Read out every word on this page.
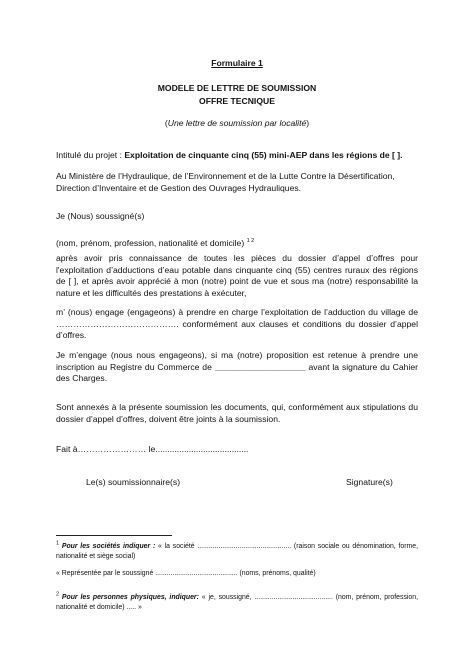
Formulaire 1
MODELE DE LETTRE DE SOUMISSION
OFFRE TECNIQUE
(Une lettre de soumission par localité)
Intitulé du projet : Exploitation de cinquante cinq (55) mini-AEP dans les régions de [ ].
Au Ministère de l’Hydraulique, de l’Environnement et de la Lutte Contre la Désertification,
Direction d’Inventaire et de Gestion des Ouvrages Hydrauliques.
Je (Nous) soussigné(s)
(nom, prénom, profession, nationalité et domicile) $^{1 2}$
après avoir pris connaissance de toutes les pièces du dossier d’appel d’offres pour l'exploitation d’adductions d’eau potable dans cinquante cinq (55) centres ruraux des régions de [ ], et après avoir apprécié à mon (notre) point de vue et sous ma (notre) responsabilité la nature et les difficultés des prestations à exécuter,
m’ (nous) engage (engageons) à prendre en charge l’exploitation de l’adduction du village de ……………………………………. conformément aux clauses et conditions du dossier d’appel d’offres.
Je m’engage (nous nous engageons), si ma (notre) proposition est retenue à prendre une inscription au Registre du Commerce de ___________________ avant la signature du Cahier des Charges.
Sont annexés à la présente soumission les documents, qui, conformément aux stipulations du dossier d’appel d’offres, doivent être joints à la soumission.
Fait à…………………… le.......................................
Le(s) soumissionnaire(s)	Signature(s)
$^1$ Pour les sociétés indiquer : « la société ................................................. (raison sociale ou dénomination, forme, nationalité et siège social)
« Représentée par le soussigné ........................................... (noms, prénoms, qualité)
$^2$ Pour les personnes physiques, indiquer: « je, soussigné, ......................................... (nom, prénom, profession, nationalité et domicile) ..... »
